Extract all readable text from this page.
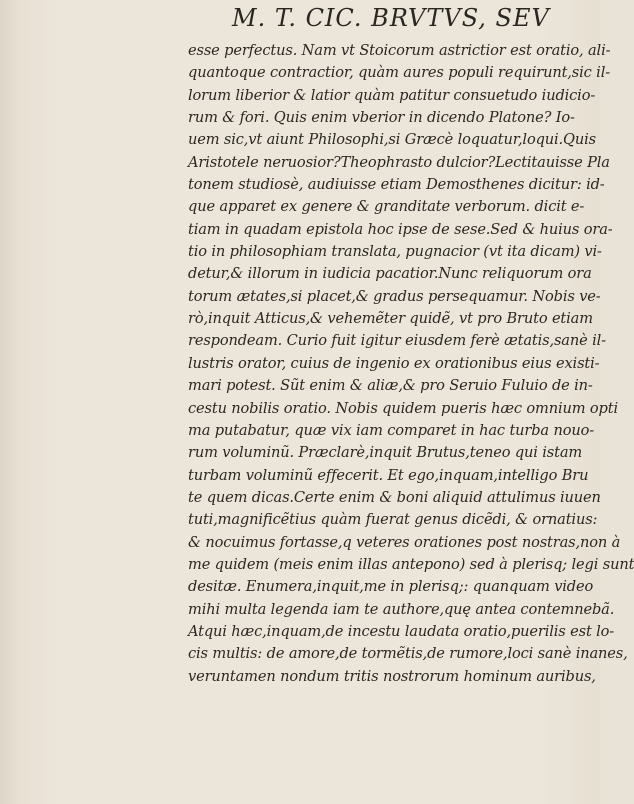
M. T. CIC. BRVTVS, SEV
esse perfectus. Nam vt Stoicorum astrictior est oratio, ali-
quantoque contractior, quàm aures populi requirunt,sic il-
lorum liberior & latior quàm patitur consuetudo iudicio-
rum & fori. Quis enim vberior in dicendo Platone? Io-
uem sic,vt aiunt Philosophi,si Græcè loquatur,loqui.Quis
Aristotele neruosior?Theophrasto dulcior?Lectitauisse Pla
tonem studiosè, audiuisse etiam Demosthenes dicitur: id-
que apparet ex genere & granditate verborum. dicit e-
tiam in quadam epistola hoc ipse de sese.Sed & huius ora-
tio in philosophiam translata, pugnacior (vt ita dicam) vi-
detur,& illorum in iudicia pacatior.Nunc reliquorum ora
torum ætates,si placet,& gradus persequamur. Nobis ve-
rò,inquit Atticus,& vehemẽter quidẽ, vt pro Bruto etiam
respondeam. Curio fuit igitur eiusdem ferè ætatis,sanè il-
lustris orator, cuius de ingenio ex orationibus eius existi-
mari potest. Sũt enim & aliæ,& pro Seruio Fuluio de in-
cestu nobilis oratio. Nobis quidem pueris hæc omnium opti
ma putabatur, quæ vix iam comparet in hac turba nouo-
rum voluminũ. Præclarè,inquit Brutus,teneo qui istam
turbam voluminũ effecerit. Et ego,inquam,intelligo Bru
te quem dicas.Certe enim & boni aliquid attulimus iuuen
tuti,magnificẽtius quàm fuerat genus dicẽdi, & ornatius:
& nocuimus fortasse,q veteres orationes post nostras,non à
me quidem (meis enim illas antepono) sed à plerisq; legi sunt
desitæ. Enumera,inquit,me in plerisq;: quanquam video
mihi multa legenda iam te authore,quę antea contemnebã.
Atqui hæc,inquam,de incestu laudata oratio,puerilis est lo-
cis multis: de amore,de tormẽtis,de rumore,loci sanè inanes,
veruntamen nondum tritis nostrorum hominum auribus,
